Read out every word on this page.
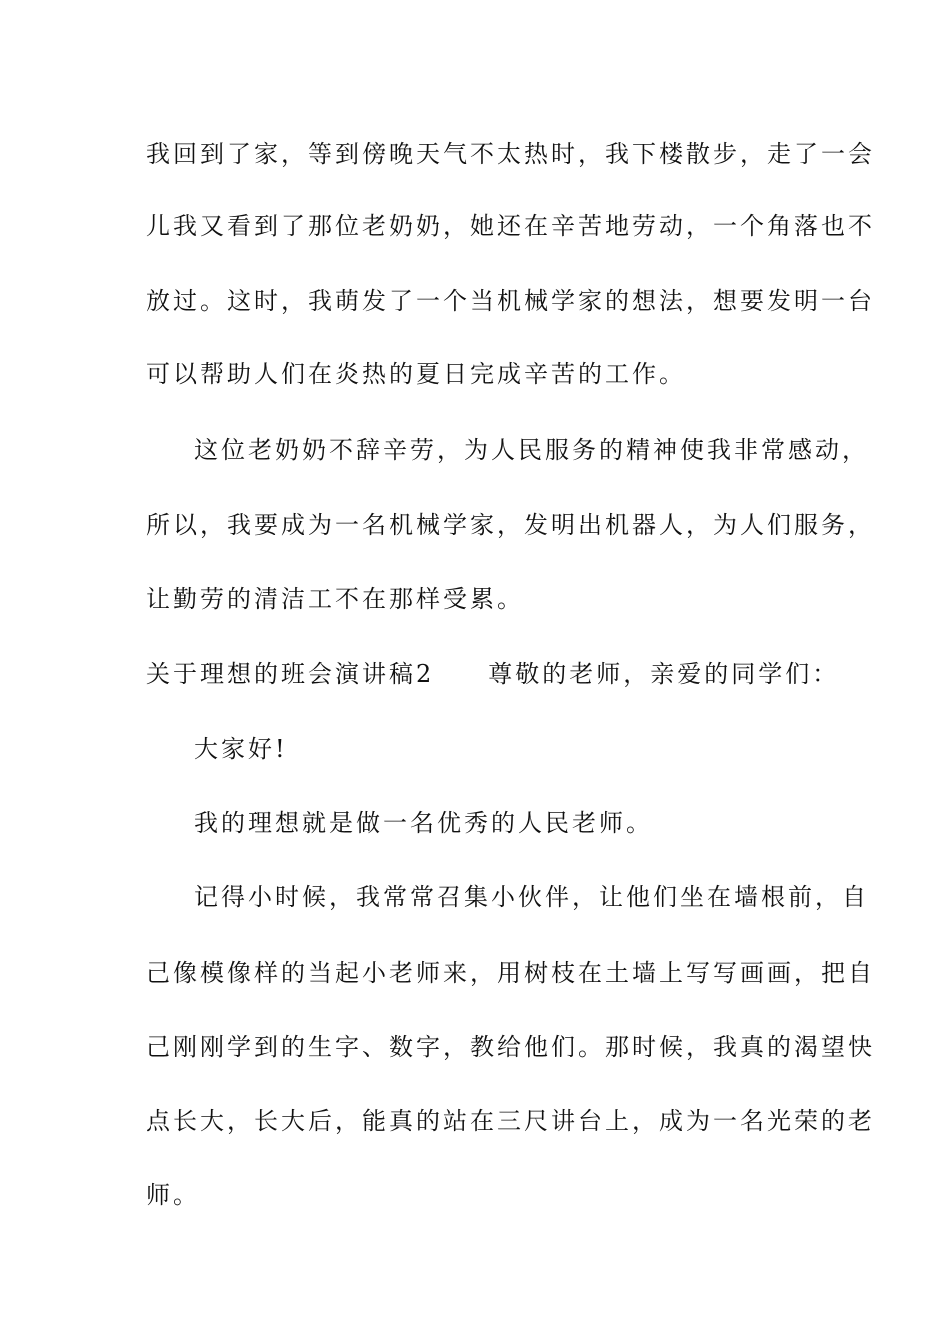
我回到了家，等到傍晚天气不太热时，我下楼散步，走了一会

儿我又看到了那位老奶奶，她还在辛苦地劳动，一个角落也不

放过。这时，我萌发了一个当机械学家的想法，想要发明一台

可以帮助人们在炎热的夏日完成辛苦的工作。

这位老奶奶不辞辛劳，为人民服务的精神使我非常感动，

所以，我要成为一名机械学家，发明出机器人，为人们服务，

让勤劳的清洁工不在那样受累。

关于理想的班会演讲稿2　　尊敬的老师，亲爱的同学们：

大家好!

我的理想就是做一名优秀的人民老师。

记得小时候，我常常召集小伙伴，让他们坐在墙根前，自

己像模像样的当起小老师来，用树枝在土墙上写写画画，把自

己刚刚学到的生字、数字，教给他们。那时候，我真的渴望快

点长大，长大后，能真的站在三尺讲台上，成为一名光荣的老

师。
